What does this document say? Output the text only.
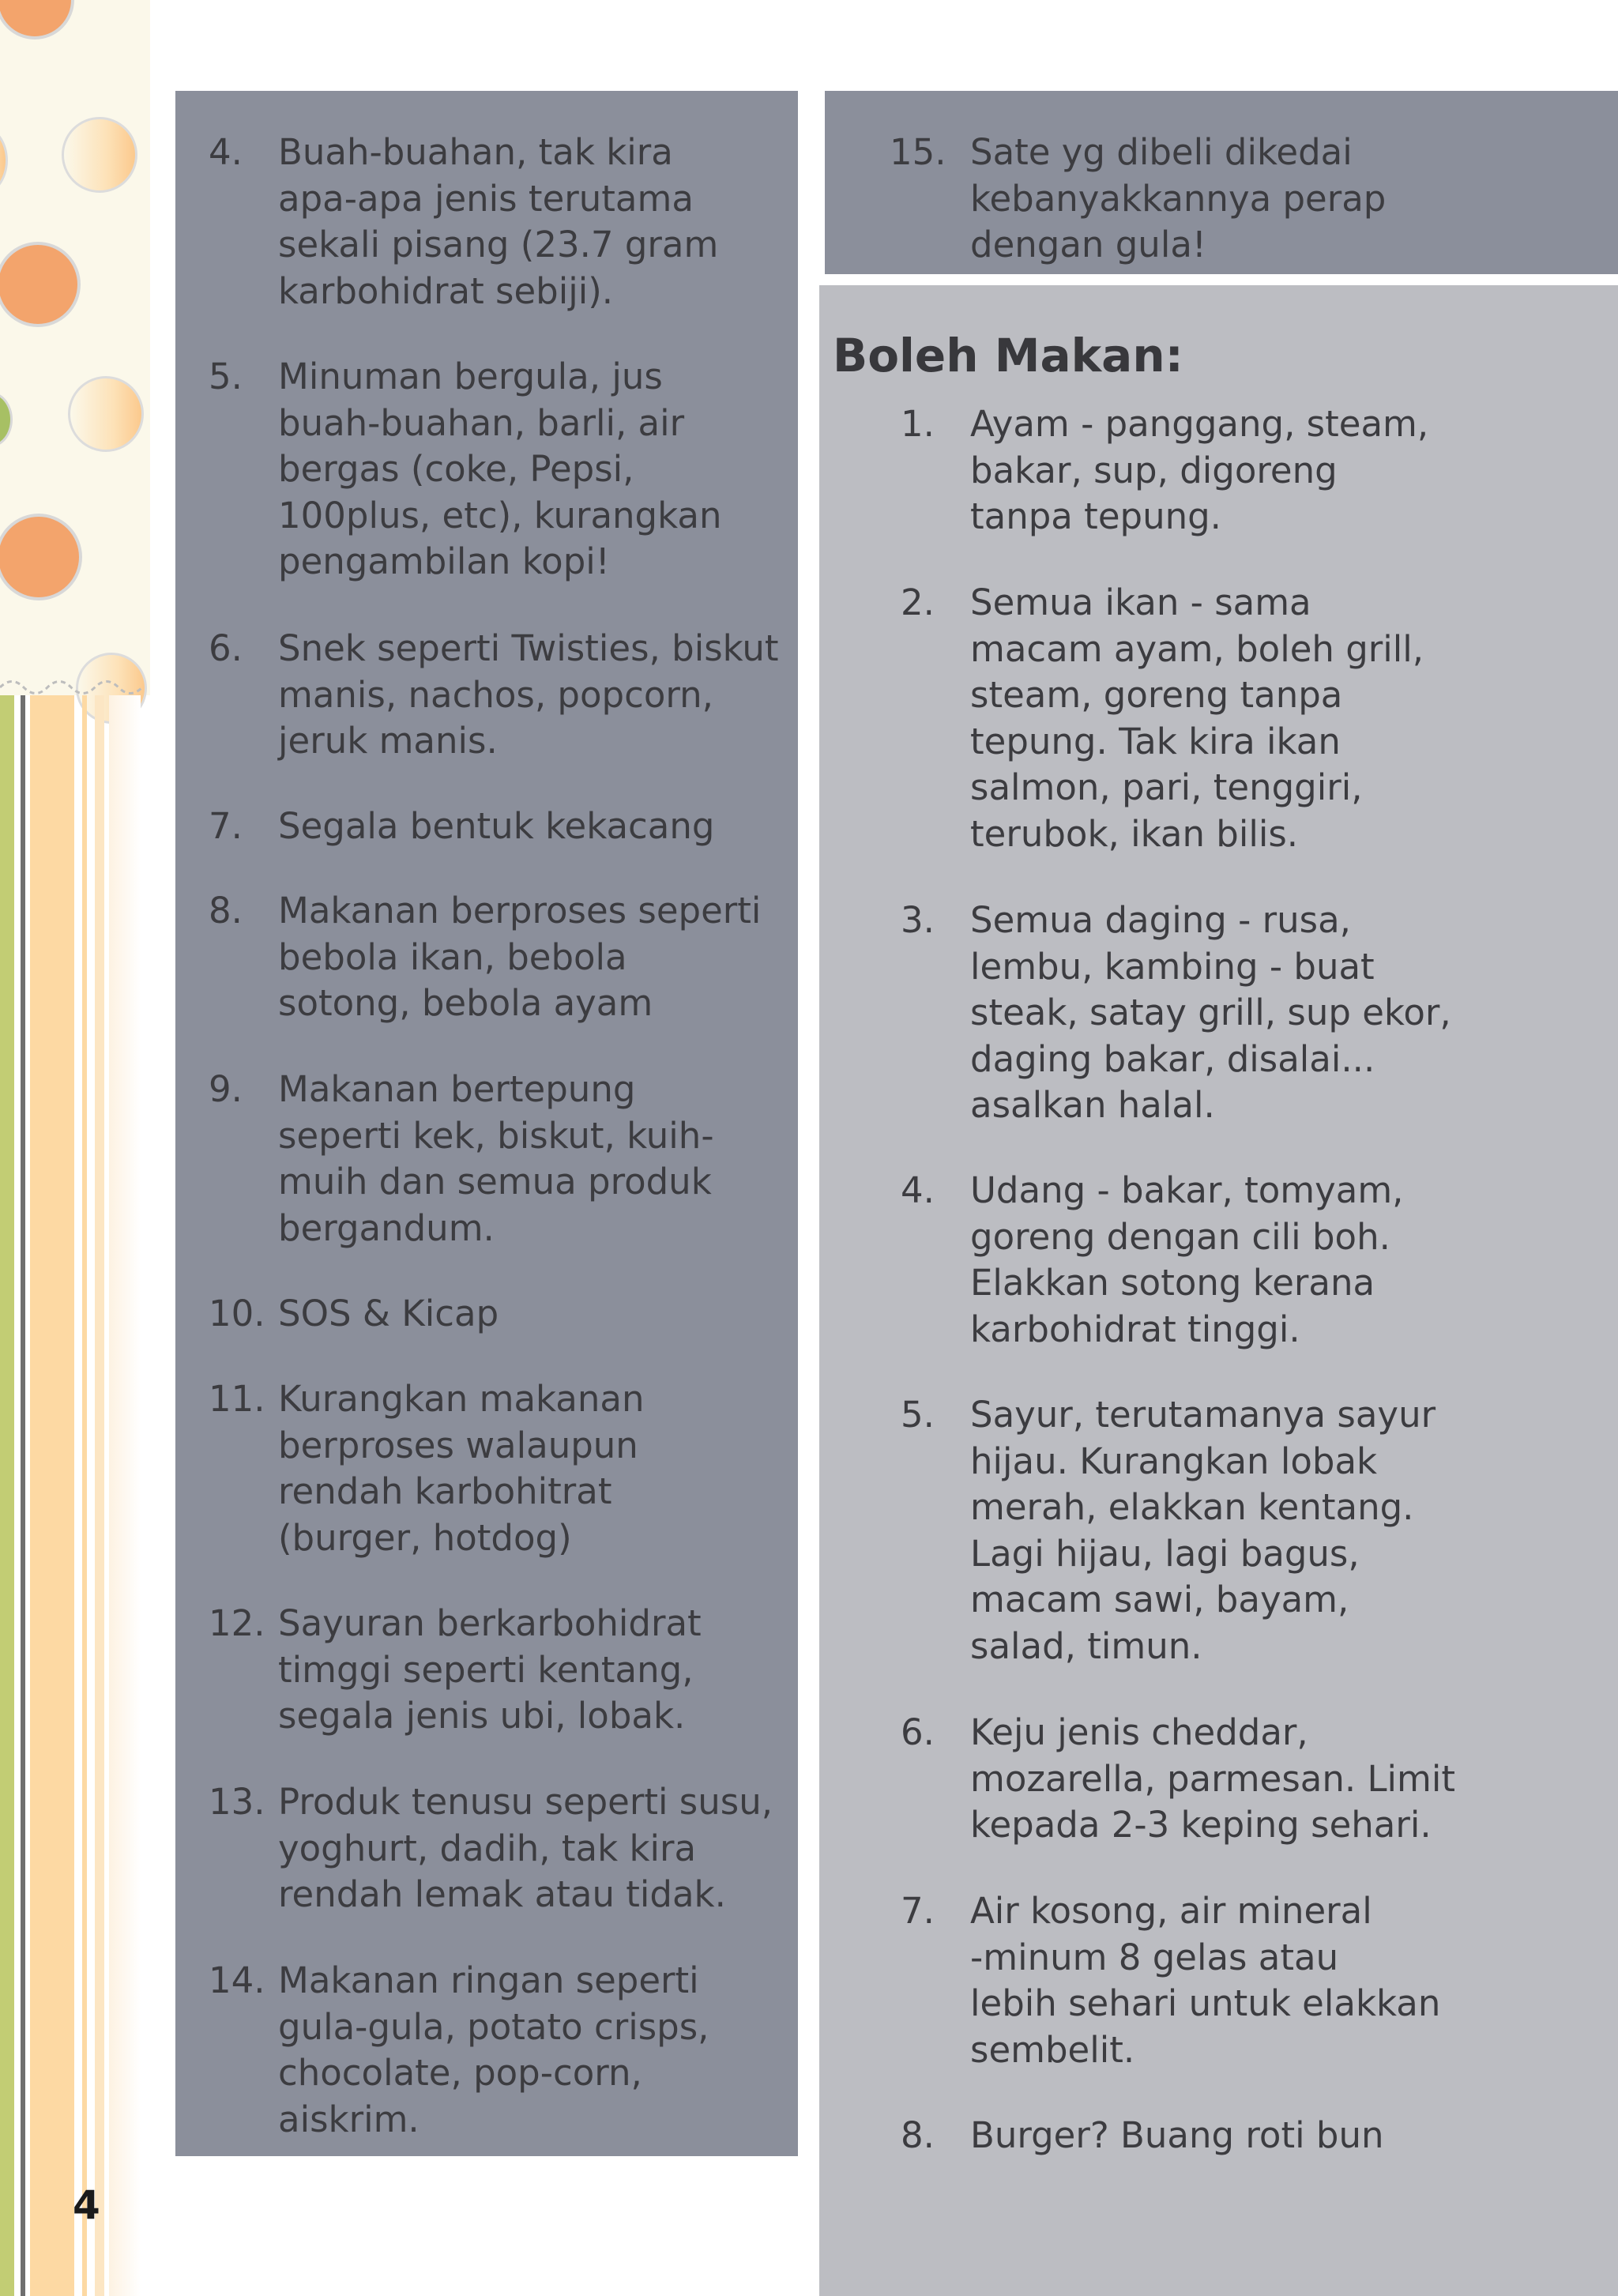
4. Buah-buahan, tak kira
apa-apa jenis terutama
sekali pisang (23.7 gram
karbohidrat sebiji).
5. Minuman bergula, jus
buah-buahan, barli, air
bergas (coke, Pepsi,
100plus, etc), kurangkan
pengambilan kopi!
6. Snek seperti Twisties, biskut
manis, nachos, popcorn,
jeruk manis.
7. Segala bentuk kekacang
8. Makanan berproses seperti
bebola ikan, bebola
sotong, bebola ayam
9. Makanan bertepung
seperti kek, biskut, kuih-
muih dan semua produk
bergandum.
10. SOS & Kicap
11. Kurangkan makanan
berproses walaupun
rendah karbohitrat
(burger, hotdog)
12. Sayuran berkarbohidrat
timggi seperti kentang,
segala jenis ubi, lobak.
13. Produk tenusu seperti susu,
yoghurt, dadih, tak kira
rendah lemak atau tidak.
14. Makanan ringan seperti
gula-gula, potato crisps,
chocolate, pop-corn,
aiskrim.
15. Sate yg dibeli dikedai
kebanyakkannya perap
dengan gula!
Boleh Makan:
1. Ayam - panggang, steam,
bakar, sup, digoreng
tanpa tepung.
2. Semua ikan - sama
macam ayam, boleh grill,
steam, goreng tanpa
tepung. Tak kira ikan
salmon, pari, tenggiri,
terubok, ikan bilis.
3. Semua daging - rusa,
lembu, kambing - buat
steak, satay grill, sup ekor,
daging bakar, disalai...
asalkan halal.
4. Udang - bakar, tomyam,
goreng dengan cili boh.
Elakkan sotong kerana
karbohidrat tinggi.
5. Sayur, terutamanya sayur
hijau. Kurangkan lobak
merah, elakkan kentang.
Lagi hijau, lagi bagus,
macam sawi, bayam,
salad, timun.
6. Keju jenis cheddar,
mozarella, parmesan. Limit
kepada 2-3 keping sehari.
7. Air kosong, air mineral
-minum 8 gelas atau
lebih sehari untuk elakkan
sembelit.
8. Burger? Buang roti bun
4
